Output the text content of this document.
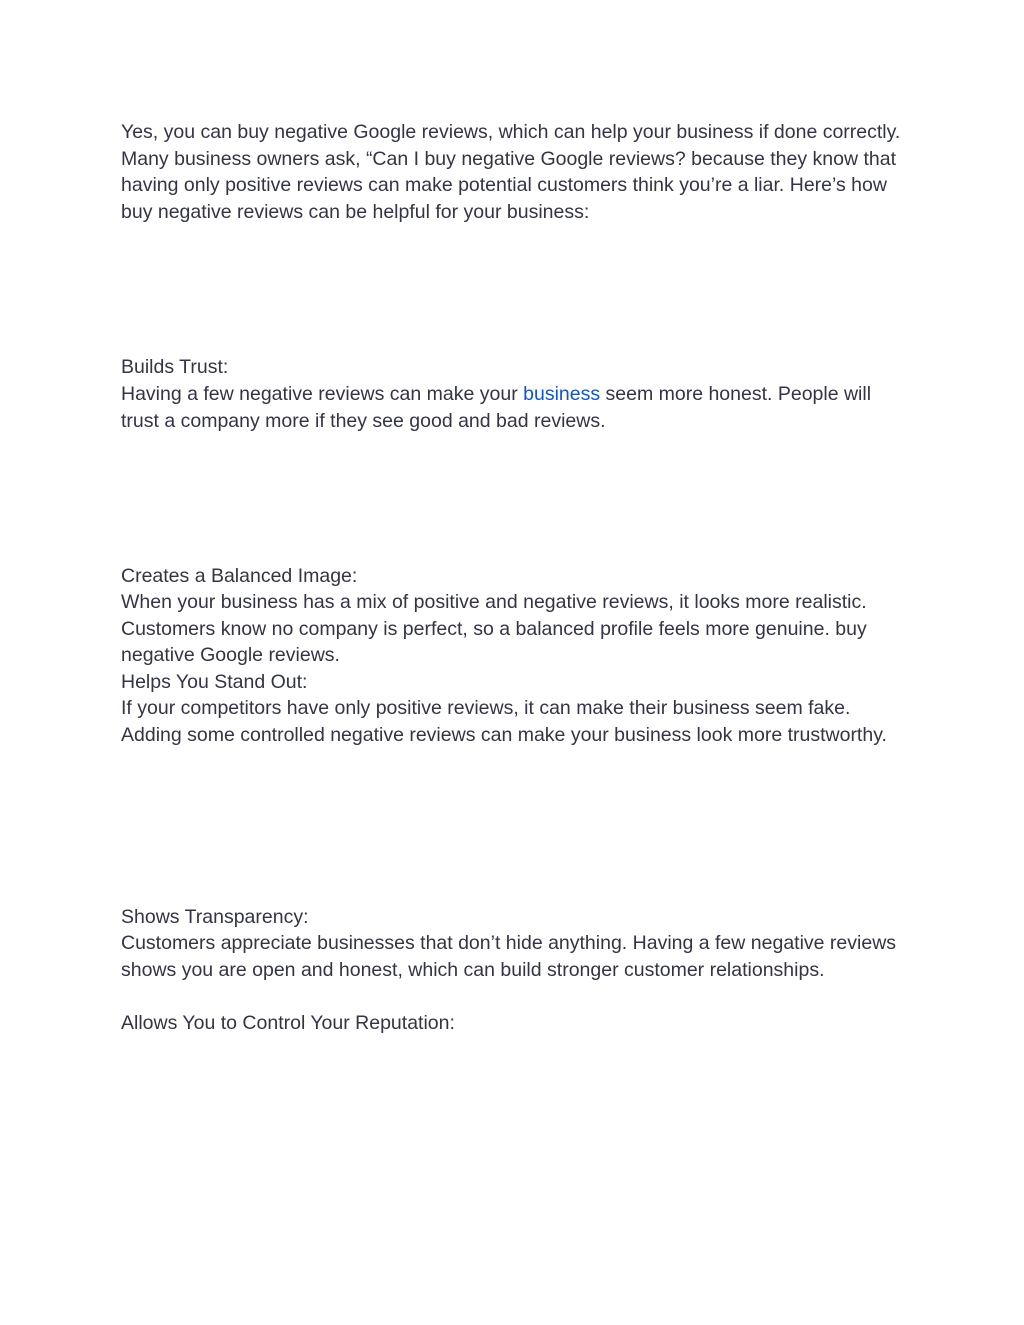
Yes, you can buy negative Google reviews, which can help your business if done correctly. Many business owners ask, “Can I buy negative Google reviews? because they know that having only positive reviews can make potential customers think you’re a liar. Here’s how buy negative reviews can be helpful for your business:

Builds Trust:

Having a few negative reviews can make your business seem more honest. People will trust a company more if they see good and bad reviews.

Creates a Balanced Image:

When your business has a mix of positive and negative reviews, it looks more realistic. Customers know no company is perfect, so a balanced profile feels more genuine. buy negative Google reviews.

Helps You Stand Out:

If your competitors have only positive reviews, it can make their business seem fake. Adding some controlled negative reviews can make your business look more trustworthy.

Shows Transparency:

Customers appreciate businesses that don’t hide anything. Having a few negative reviews shows you are open and honest, which can build stronger customer relationships.

Allows You to Control Your Reputation:
